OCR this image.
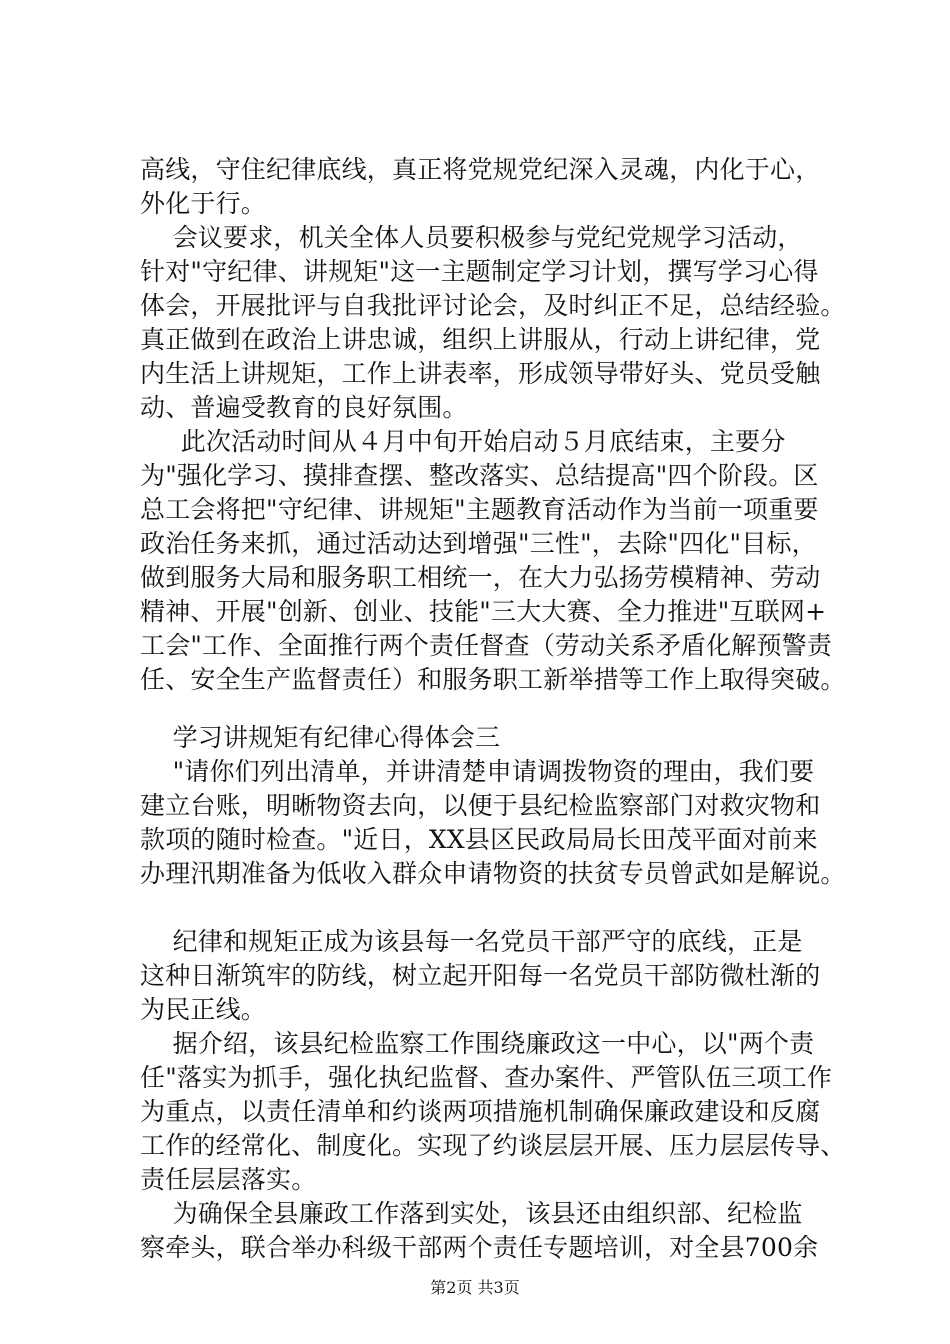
高线，守住纪律底线，真正将党规党纪深入灵魂，内化于心，
外化于行。
会议要求，机关全体人员要积极参与党纪党规学习活动，
针对"守纪律、讲规矩"这一主题制定学习计划，撰写学习心得
体会，开展批评与自我批评讨论会，及时纠正不足，总结经验。
真正做到在政治上讲忠诚，组织上讲服从，行动上讲纪律，党
内生活上讲规矩，工作上讲表率，形成领导带好头、党员受触
动、普遍受教育的良好氛围。
此次活动时间从４月中旬开始启动５月底结束，主要分
为"强化学习、摸排查摆、整改落实、总结提高"四个阶段。区
总工会将把"守纪律、讲规矩"主题教育活动作为当前一项重要
政治任务来抓，通过活动达到增强"三性"，去除"四化"目标，
做到服务大局和服务职工相统一，在大力弘扬劳模精神、劳动
精神、开展"创新、创业、技能"三大大赛、全力推进"互联网+
工会"工作、全面推行两个责任督查（劳动关系矛盾化解预警责
任、安全生产监督责任）和服务职工新举措等工作上取得突破。
学习讲规矩有纪律心得体会三
"请你们列出清单，并讲清楚申请调拨物资的理由，我们要
建立台账，明晰物资去向，以便于县纪检监察部门对救灾物和
款项的随时检查。"近日，XX县区民政局局长田茂平面对前来
办理汛期准备为低收入群众申请物资的扶贫专员曾武如是解说。
纪律和规矩正成为该县每一名党员干部严守的底线，正是
这种日渐筑牢的防线，树立起开阳每一名党员干部防微杜渐的
为民正线。
据介绍，该县纪检监察工作围绕廉政这一中心，以"两个责
任"落实为抓手，强化执纪监督、查办案件、严管队伍三项工作
为重点，以责任清单和约谈两项措施机制确保廉政建设和反腐
工作的经常化、制度化。实现了约谈层层开展、压力层层传导、
责任层层落实。
为确保全县廉政工作落到实处，该县还由组织部、纪检监
察牵头，联合举办科级干部两个责任专题培训，对全县700余
第2页 共3页
